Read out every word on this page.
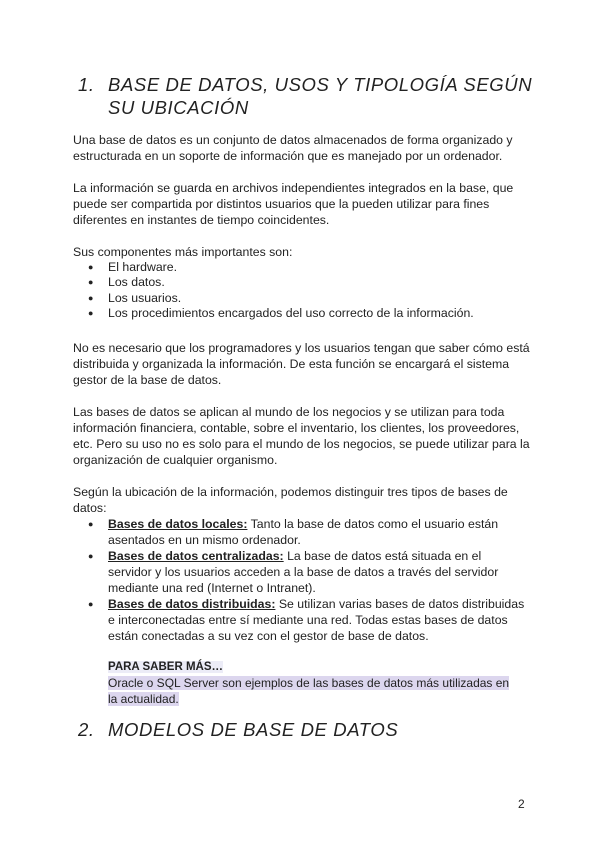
1. BASE DE DATOS, USOS Y TIPOLOGÍA SEGÚN SU UBICACIÓN

Una base de datos es un conjunto de datos almacenados de forma organizado y estructurada en un soporte de información que es manejado por un ordenador.

La información se guarda en archivos independientes integrados en la base, que puede ser compartida por distintos usuarios que la pueden utilizar para fines diferentes en instantes de tiempo coincidentes.

Sus componentes más importantes son:

● El hardware.
● Los datos.
● Los usuarios.
● Los procedimientos encargados del uso correcto de la información.

No es necesario que los programadores y los usuarios tengan que saber cómo está distribuida y organizada la información. De esta función se encargará el sistema gestor de la base de datos.

Las bases de datos se aplican al mundo de los negocios y se utilizan para toda información financiera, contable, sobre el inventario, los clientes, los proveedores, etc. Pero su uso no es solo para el mundo de los negocios, se puede utilizar para la organización de cualquier organismo.

Según la ubicación de la información, podemos distinguir tres tipos de bases de datos:

● Bases de datos locales: Tanto la base de datos como el usuario están asentados en un mismo ordenador.
● Bases de datos centralizadas: La base de datos está situada en el servidor y los usuarios acceden a la base de datos a través del servidor mediante una red (Internet o Intranet).
● Bases de datos distribuidas: Se utilizan varias bases de datos distribuidas e interconectadas entre sí mediante una red. Todas estas bases de datos están conectadas a su vez con el gestor de base de datos.
PARA SABER MÁS…
Oracle o SQL Server son ejemplos de las bases de datos más utilizadas en la actualidad.
2. MODELOS DE BASE DE DATOS
2
